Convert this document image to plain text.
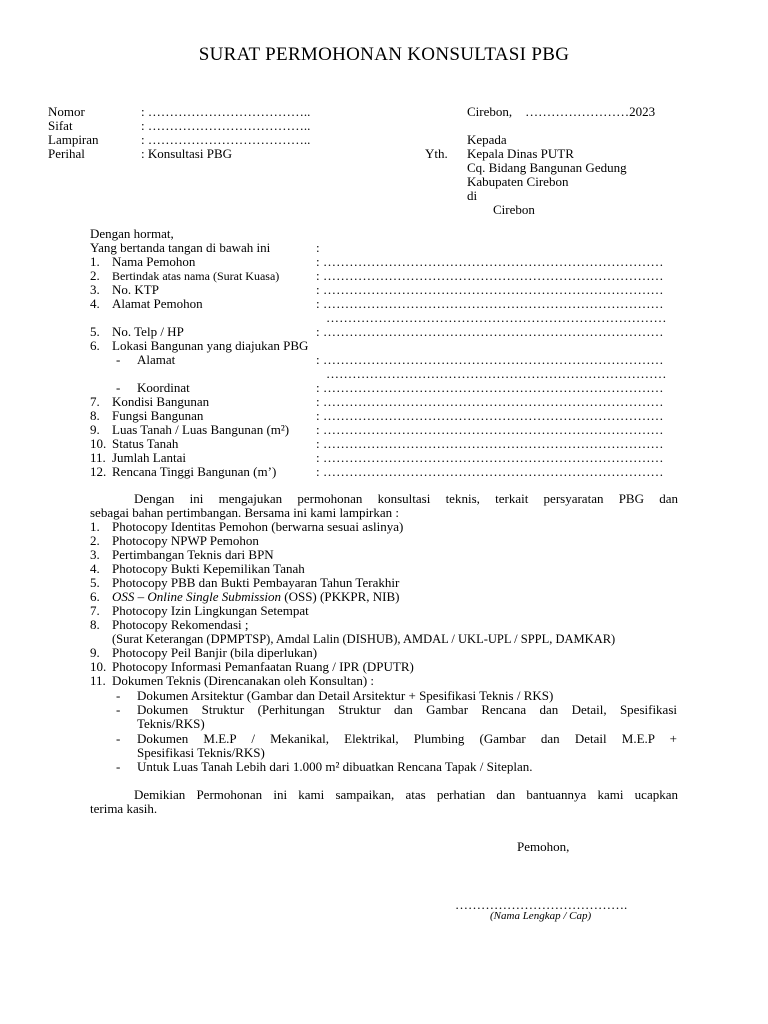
SURAT PERMOHONAN KONSULTASI PBG
Nomor	: ………………………………..
Sifat	: ………………………………..
Lampiran	: ………………………………..
Perihal	: Konsultasi PBG
Cirebon,    ……………………2023
Yth.
Kepada
Kepala Dinas PUTR
Cq. Bidang Bangunan Gedung
Kabupaten Cirebon
di
Cirebon
Dengan hormat,
Yang bertanda tangan di bawah ini	:
1. Nama Pemohon	: ……………………………………………………………………
2. Bertindak atas nama (Surat Kuasa)	: ……………………………………………………………………
3. No. KTP	: ……………………………………………………………………
4. Alamat Pemohon	: ……………………………………………………………………
……………………………………………………………………
5. No. Telp / HP	: ……………………………………………………………………
6. Lokasi Bangunan yang diajukan PBG
- Alamat	: ……………………………………………………………………
……………………………………………………………………
- Koordinat	: ……………………………………………………………………
7. Kondisi Bangunan	: ……………………………………………………………………
8. Fungsi Bangunan	: ……………………………………………………………………
9. Luas Tanah / Luas Bangunan (m²) : ……………………………………………………………………
10. Status Tanah	: ……………………………………………………………………
11. Jumlah Lantai	: ……………………………………………………………………
12. Rencana Tinggi Bangunan (m’)	: ……………………………………………………………………
Dengan ini mengajukan permohonan konsultasi teknis, terkait persyaratan PBG dan
sebagai bahan pertimbangan. Bersama ini kami lampirkan :
1. Photocopy Identitas Pemohon (berwarna sesuai aslinya)
2. Photocopy NPWP Pemohon
3. Pertimbangan Teknis dari BPN
4. Photocopy Bukti Kepemilikan Tanah
5. Photocopy PBB dan Bukti Pembayaran Tahun Terakhir
6. OSS – Online Single Submission (OSS) (PKKPR, NIB)
7. Photocopy Izin Lingkungan Setempat
8. Photocopy Rekomendasi ;
(Surat Keterangan (DPMPTSP), Amdal Lalin (DISHUB), AMDAL / UKL-UPL / SPPL, DAMKAR)
9. Photocopy Peil Banjir (bila diperlukan)
10. Photocopy Informasi Pemanfaatan Ruang / IPR (DPUTR)
11. Dokumen Teknis (Direncanakan oleh Konsultan) :
- Dokumen Arsitektur (Gambar dan Detail Arsitektur + Spesifikasi Teknis / RKS)
- Dokumen Struktur (Perhitungan Struktur dan Gambar Rencana dan Detail, Spesifikasi
Teknis/RKS)
- Dokumen M.E.P / Mekanikal, Elektrikal, Plumbing (Gambar dan Detail M.E.P +
Spesifikasi Teknis/RKS)
- Untuk Luas Tanah Lebih dari 1.000 m² dibuatkan Rencana Tapak / Siteplan.
Demikian Permohonan ini kami sampaikan, atas perhatian dan bantuannya kami ucapkan
terima kasih.
Pemohon,
………………………………….
(Nama Lengkap / Cap)
